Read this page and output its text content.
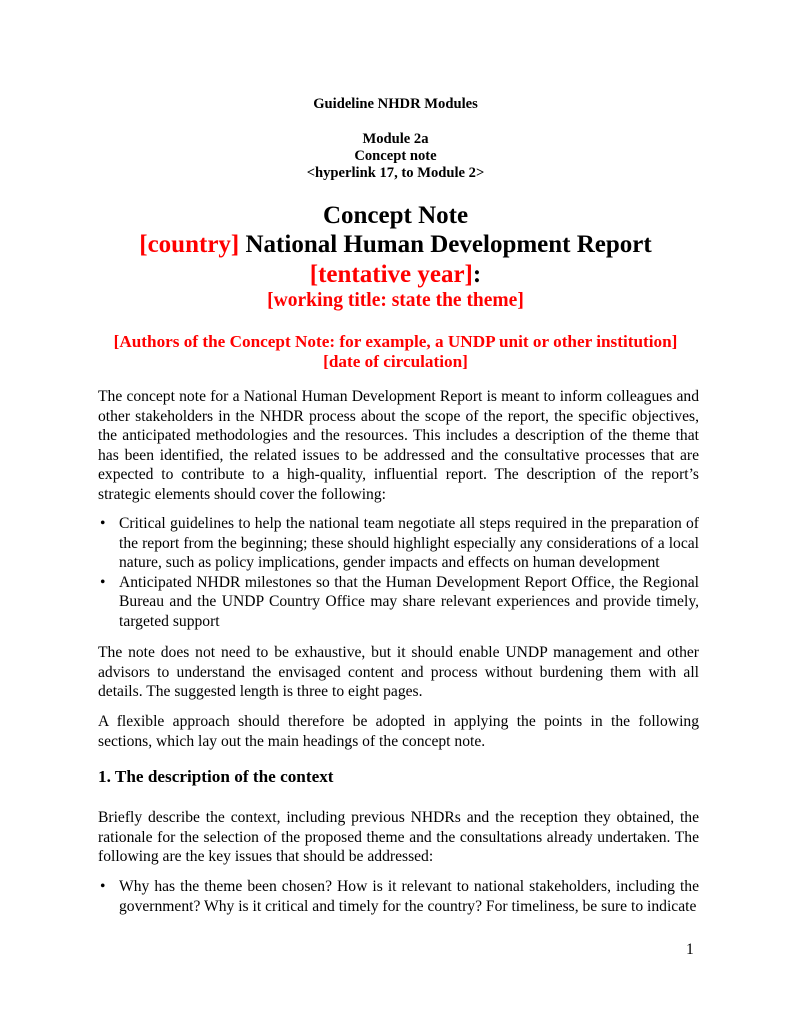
Guideline NHDR Modules
Module 2a
Concept note
<hyperlink 17, to Module 2>
Concept Note
[country] National Human Development Report
[tentative year]:
[working title: state the theme]
[Authors of the Concept Note: for example, a UNDP unit or other institution]
[date of circulation]
The concept note for a National Human Development Report is meant to inform colleagues and other stakeholders in the NHDR process about the scope of the report, the specific objectives, the anticipated methodologies and the resources. This includes a description of the theme that has been identified, the related issues to be addressed and the consultative processes that are expected to contribute to a high-quality, influential report. The description of the report’s strategic elements should cover the following:
• Critical guidelines to help the national team negotiate all steps required in the preparation of the report from the beginning; these should highlight especially any considerations of a local nature, such as policy implications, gender impacts and effects on human development
• Anticipated NHDR milestones so that the Human Development Report Office, the Regional Bureau and the UNDP Country Office may share relevant experiences and provide timely, targeted support
The note does not need to be exhaustive, but it should enable UNDP management and other advisors to understand the envisaged content and process without burdening them with all details. The suggested length is three to eight pages.
A flexible approach should therefore be adopted in applying the points in the following sections, which lay out the main headings of the concept note.
1. The description of the context
Briefly describe the context, including previous NHDRs and the reception they obtained, the rationale for the selection of the proposed theme and the consultations already undertaken. The following are the key issues that should be addressed:
• Why has the theme been chosen? How is it relevant to national stakeholders, including the government? Why is it critical and timely for the country? For timeliness, be sure to indicate
1
